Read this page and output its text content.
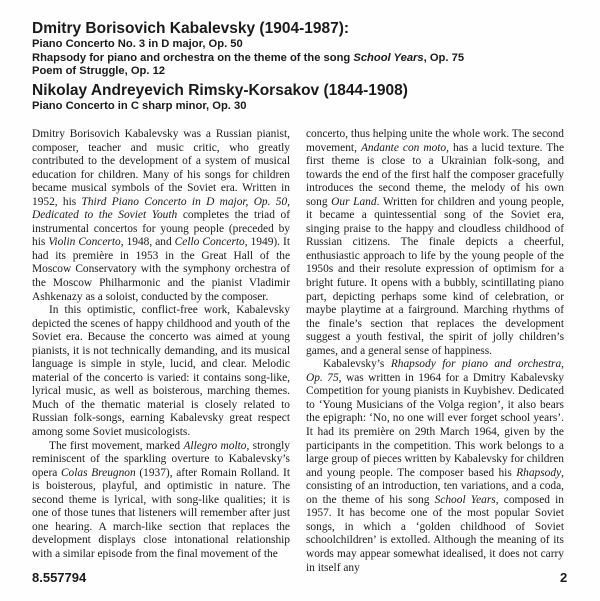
Dmitry Borisovich Kabalevsky (1904-1987):

Piano Concerto No. 3 in D major, Op. 50

Rhapsody for piano and orchestra on the theme of the song School Years, Op. 75

Poem of Struggle, Op. 12

Nikolay Andreyevich Rimsky-Korsakov (1844-1908)

Piano Concerto in C sharp minor, Op. 30

Dmitry Borisovich Kabalevsky was a Russian pianist, composer, teacher and music critic, who greatly contributed to the development of a system of musical education for children. Many of his songs for children became musical symbols of the Soviet era. Written in 1952, his Third Piano Concerto in D major, Op. 50, Dedicated to the Soviet Youth completes the triad of instrumental concertos for young people (preceded by his Violin Concerto, 1948, and Cello Concerto, 1949). It had its première in 1953 in the Great Hall of the Moscow Conservatory with the symphony orchestra of the Moscow Philharmonic and the pianist Vladimir Ashkenazy as a soloist, conducted by the composer.

In this optimistic, conflict-free work, Kabalevsky depicted the scenes of happy childhood and youth of the Soviet era. Because the concerto was aimed at young pianists, it is not technically demanding, and its musical language is simple in style, lucid, and clear. Melodic material of the concerto is varied: it contains song-like, lyrical music, as well as boisterous, marching themes. Much of the thematic material is closely related to Russian folk-songs, earning Kabalevsky great respect among some Soviet musicologists.

The first movement, marked Allegro molto, strongly reminiscent of the sparkling overture to Kabalevsky’s opera Colas Breugnon (1937), after Romain Rolland. It is boisterous, playful, and optimistic in nature. The second theme is lyrical, with song-like qualities; it is one of those tunes that listeners will remember after just one hearing. A march-like section that replaces the development displays close intonational relationship with a similar episode from the final movement of the

concerto, thus helping unite the whole work. The second movement, Andante con moto, has a lucid texture. The first theme is close to a Ukrainian folk-song, and towards the end of the first half the composer gracefully introduces the second theme, the melody of his own song Our Land. Written for children and young people, it became a quintessential song of the Soviet era, singing praise to the happy and cloudless childhood of Russian citizens. The finale depicts a cheerful, enthusiastic approach to life by the young people of the 1950s and their resolute expression of optimism for a bright future. It opens with a bubbly, scintillating piano part, depicting perhaps some kind of celebration, or maybe playtime at a fairground. Marching rhythms of the finale’s section that replaces the development suggest a youth festival, the spirit of jolly children’s games, and a general sense of happiness.

Kabalevsky’s Rhapsody for piano and orchestra, Op. 75, was written in 1964 for a Dmitry Kabalevsky Competition for young pianists in Kuybishev. Dedicated to ‘Young Musicians of the Volga region’, it also bears the epigraph: ‘No, no one will ever forget school years’. It had its première on 29th March 1964, given by the participants in the competition. This work belongs to a large group of pieces written by Kabalevsky for children and young people. The composer based his Rhapsody, consisting of an introduction, ten variations, and a coda, on the theme of his song School Years, composed in 1957. It has become one of the most popular Soviet songs, in which a ‘golden childhood of Soviet schoolchildren’ is extolled. Although the meaning of its words may appear somewhat idealised, it does not carry in itself any

8.557794	2
